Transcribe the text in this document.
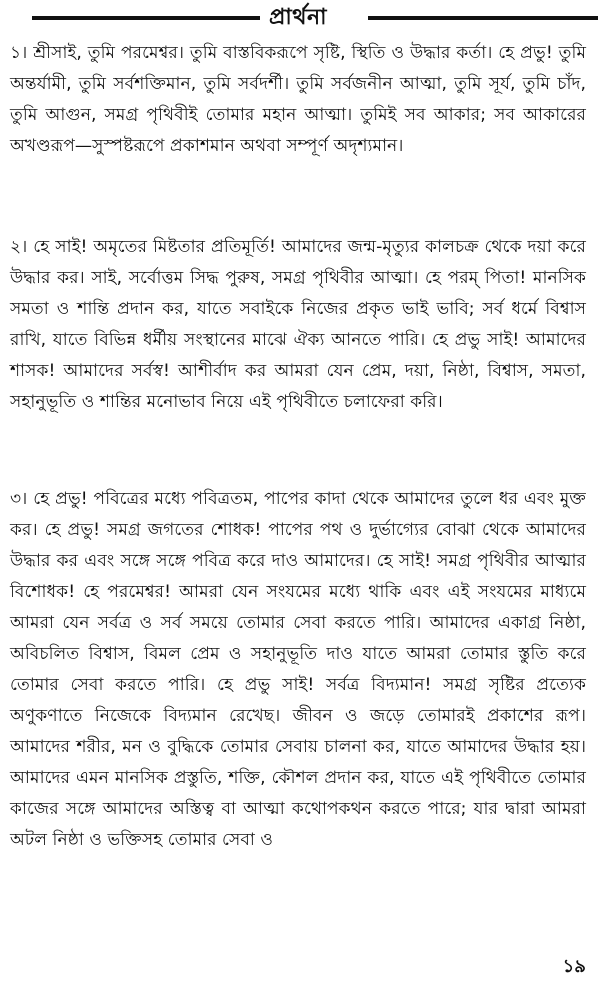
প্রার্থনা

১। শ্রীসাই, তুমি পরমেশ্বর। তুমি বাস্তবিকরূপে সৃষ্টি, স্থিতি ও উদ্ধার কর্তা। হে প্রভু! তুমি অন্তর্যামী, তুমি সর্বশক্তিমান, তুমি সর্বদর্শী। তুমি সর্বজনীন আত্মা, তুমি সূর্য, তুমি চাঁদ, তুমি আগুন, সমগ্র পৃথিবীই তোমার মহান আত্মা। তুমিই সব আকার; সব আকারের অখণ্ডরূপ—সুস্পষ্টরূপে প্রকাশমান অথবা সম্পূর্ণ অদৃশ্যমান।

২। হে সাই! অমৃতের মিষ্টতার প্রতিমূর্তি! আমাদের জন্ম-মৃত্যুর কালচক্র থেকে দয়া করে উদ্ধার কর। সাই, সর্বোত্তম সিদ্ধ পুরুষ, সমগ্র পৃথিবীর আত্মা। হে পরম্ পিতা! মানসিক সমতা ও শান্তি প্রদান কর, যাতে সবাইকে নিজের প্রকৃত ভাই ভাবি; সর্ব ধর্মে বিশ্বাস রাখি, যাতে বিভিন্ন ধর্মীয় সংস্থানের মাঝে ঐক্য আনতে পারি। হে প্রভু সাই! আমাদের শাসক! আমাদের সর্বস্ব! আশীর্বাদ কর আমরা যেন প্রেম, দয়া, নিষ্ঠা, বিশ্বাস, সমতা, সহানুভূতি ও শান্তির মনোভাব নিয়ে এই পৃথিবীতে চলাফেরা করি।

৩। হে প্রভু! পবিত্রের মধ্যে পবিত্রতম, পাপের কাদা থেকে আমাদের তুলে ধর এবং মুক্ত কর। হে প্রভু! সমগ্র জগতের শোধক! পাপের পথ ও দুর্ভাগ্যের বোঝা থেকে আমাদের উদ্ধার কর এবং সঙ্গে সঙ্গে পবিত্র করে দাও আমাদের। হে সাই! সমগ্র পৃথিবীর আত্মার বিশোধক! হে পরমেশ্বর! আমরা যেন সংযমের মধ্যে থাকি এবং এই সংযমের মাধ্যমে আমরা যেন সর্বত্র ও সর্ব সময়ে তোমার সেবা করতে পারি। আমাদের একাগ্র নিষ্ঠা, অবিচলিত বিশ্বাস, বিমল প্রেম ও সহানুভূতি দাও যাতে আমরা তোমার স্তুতি করে তোমার সেবা করতে পারি। হে প্রভু সাই! সর্বত্র বিদ্যমান! সমগ্র সৃষ্টির প্রত্যেক অণুকণাতে নিজেকে বিদ্যমান রেখেছ। জীবন ও জড়ে তোমারই প্রকাশের রূপ। আমাদের শরীর, মন ও বুদ্ধিকে তোমার সেবায় চালনা কর, যাতে আমাদের উদ্ধার হয়। আমাদের এমন মানসিক প্রস্তুতি, শক্তি, কৌশল প্রদান কর, যাতে এই পৃথিবীতে তোমার কাজের সঙ্গে আমাদের অস্তিত্ব বা আত্মা কথোপকথন করতে পারে; যার দ্বারা আমরা অটল নিষ্ঠা ও ভক্তিসহ তোমার সেবা ও

১৯
